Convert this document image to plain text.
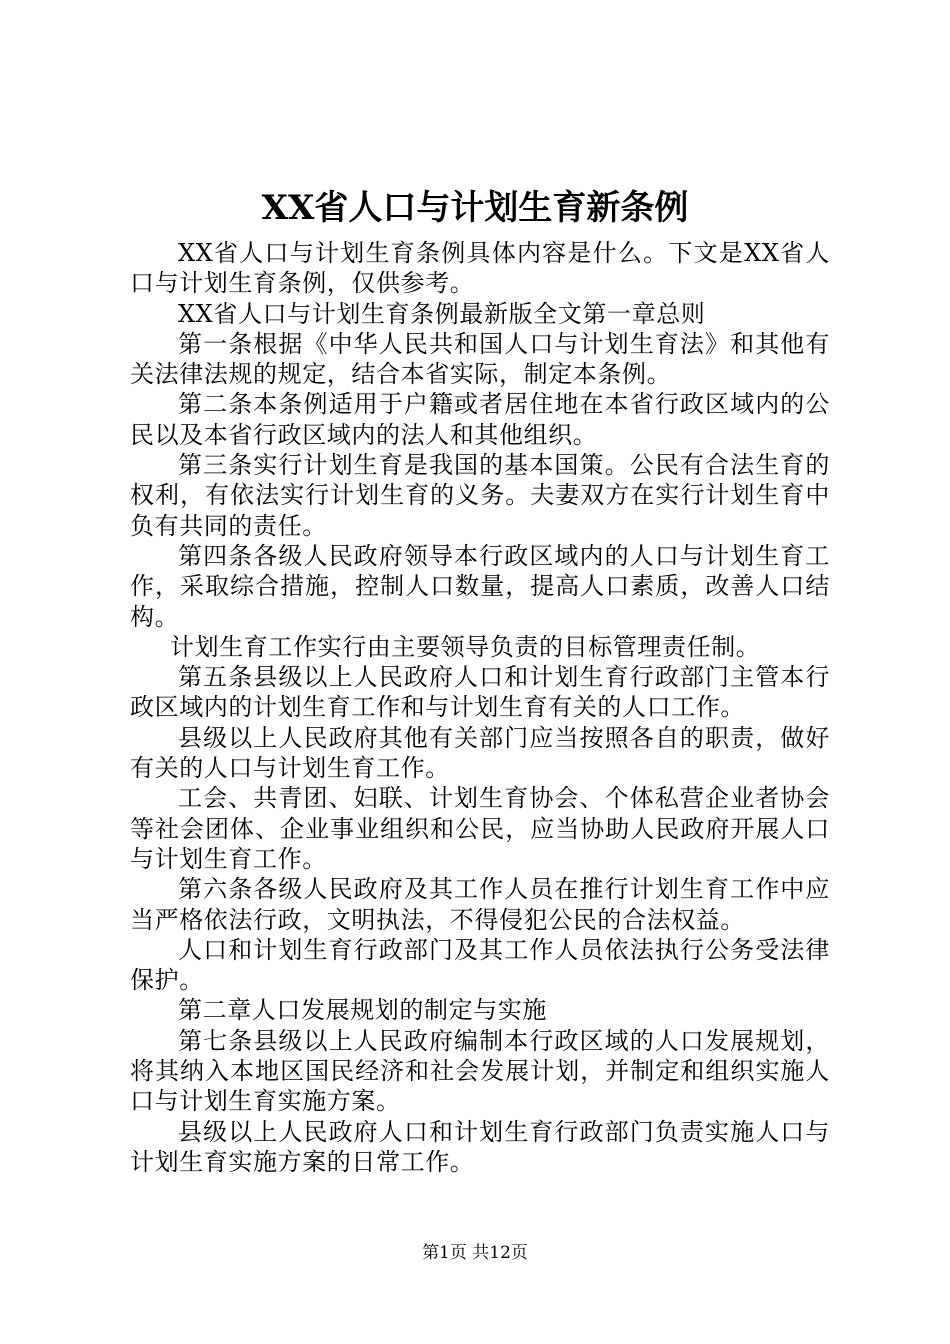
XX省人口与计划生育新条例

XX省人口与计划生育条例具体内容是什么。下文是XX省人口与计划生育条例，仅供参考。

XX省人口与计划生育条例最新版全文第一章总则

第一条根据《中华人民共和国人口与计划生育法》和其他有关法律法规的规定，结合本省实际，制定本条例。

第二条本条例适用于户籍或者居住地在本省行政区域内的公民以及本省行政区域内的法人和其他组织。

第三条实行计划生育是我国的基本国策。公民有合法生育的权利，有依法实行计划生育的义务。夫妻双方在实行计划生育中负有共同的责任。

第四条各级人民政府领导本行政区域内的人口与计划生育工作，采取综合措施，控制人口数量，提高人口素质，改善人口结构。

计划生育工作实行由主要领导负责的目标管理责任制。

第五条县级以上人民政府人口和计划生育行政部门主管本行政区域内的计划生育工作和与计划生育有关的人口工作。

县级以上人民政府其他有关部门应当按照各自的职责，做好有关的人口与计划生育工作。

工会、共青团、妇联、计划生育协会、个体私营企业者协会等社会团体、企业事业组织和公民，应当协助人民政府开展人口与计划生育工作。

第六条各级人民政府及其工作人员在推行计划生育工作中应当严格依法行政，文明执法，不得侵犯公民的合法权益。

人口和计划生育行政部门及其工作人员依法执行公务受法律保护。

第二章人口发展规划的制定与实施

第七条县级以上人民政府编制本行政区域的人口发展规划，将其纳入本地区国民经济和社会发展计划，并制定和组织实施人口与计划生育实施方案。

县级以上人民政府人口和计划生育行政部门负责实施人口与计划生育实施方案的日常工作。

第1页 共12页
